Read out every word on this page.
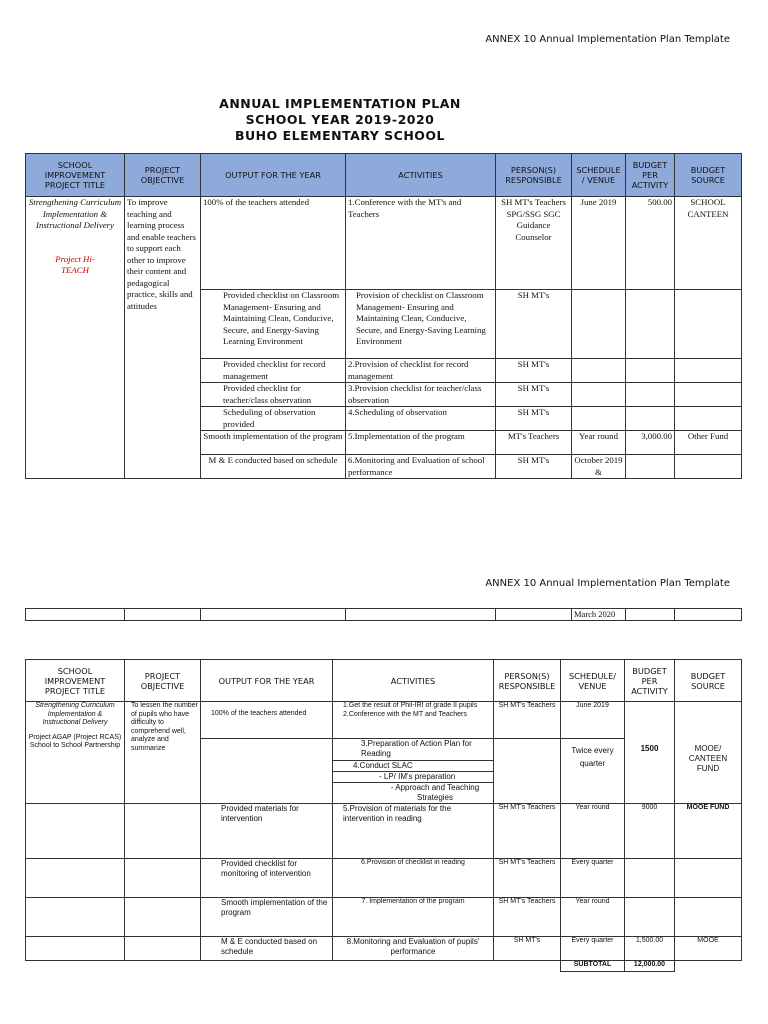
ANNEX 10 Annual Implementation Plan Template
ANNUAL IMPLEMENTATION PLAN
SCHOOL YEAR 2019-2020
BUHO ELEMENTARY SCHOOL
SCHOOL IMPROVEMENT PROJECT TITLE	PROJECT OBJECTIVE	OUTPUT FOR THE YEAR	ACTIVITIES	PERSON(S) RESPONSIBLE	SCHEDULE / VENUE	BUDGET PER ACTIVITY	BUDGET SOURCE

Strengthening Curriculum Implementation & Instructional Delivery
Project Hi-TEACH	To improve teaching and learning process and enable teachers to support each other to improve their content and pedagogical practice, skills and attitudes	100% of the teachers attended	1.Conference with the MT's and Teachers	SH MT's Teachers SPG/SSG SGC Guidance Counselor	June 2019	500.00	SCHOOL CANTEEN
		Provided checklist on Classroom Management- Ensuring and Maintaining Clean, Conducive, Secure, and Energy-Saving Learning Environment	Provision of checklist on Classroom Management- Ensuring and Maintaining Clean, Conducive, Secure, and Energy-Saving Learning Environment	SH MT's			
		Provided checklist for record management	2.Provision of checklist for record management	SH MT's			
		Provided checklist for teacher/class observation	3.Provision checklist for teacher/class observation	SH MT's			
		Scheduling of observation provided	4.Scheduling of observation	SH MT's			
		Smooth implementation of the program	5.Implementation of the program	MT's Teachers	Year round	3,000.00	Other Fund
		M & E conducted based on schedule	6.Monitoring and Evaluation of school performance	SH MT's	October 2019 &		
ANNEX 10 Annual Implementation Plan Template
					March 2020		
SCHOOL IMPROVEMENT PROJECT TITLE	PROJECT OBJECTIVE	OUTPUT FOR THE YEAR	ACTIVITIES	PERSON(S) RESPONSIBLE	SCHEDULE/ VENUE	BUDGET PER ACTIVITY	BUDGET SOURCE

Strengthening Curriculum Implementation & Instructional Delivery
Project AGAP (Project RCAS) School to School Partnership	To lessen the number of pupils who have difficulty to comprehend well, analyze and summarize	100% of the teachers attended	1.Get the result of Phil-IRI of grade II pupils 2.Conference with the MT and Teachers	SH MT's Teachers	June 2019	1500	MOOE/ CANTEEN FUND
			3.Preparation of Action Plan for Reading		Twice every quarter		
			4.Conduct SLAC				
			- LP/ IM's preparation				
			- Approach and Teaching Strategies				
		Provided materials for intervention	5.Provision of materials for the intervention in reading	SH MT's Teachers	Year round	9000	MOOE FUND
		Provided checklist for monitoring of intervention	6.Provision of checklist in reading	SH MT's Teachers	Every quarter		
		Smooth implementation of the program	7. Implementation of the program	SH MT's Teachers	Year round		
		M & E conducted based on schedule	8.Monitoring and Evaluation of pupils' performance	SH MT's	Every quarter	1,500.00	MOOE
					SUBTOTAL	12,000.00	
